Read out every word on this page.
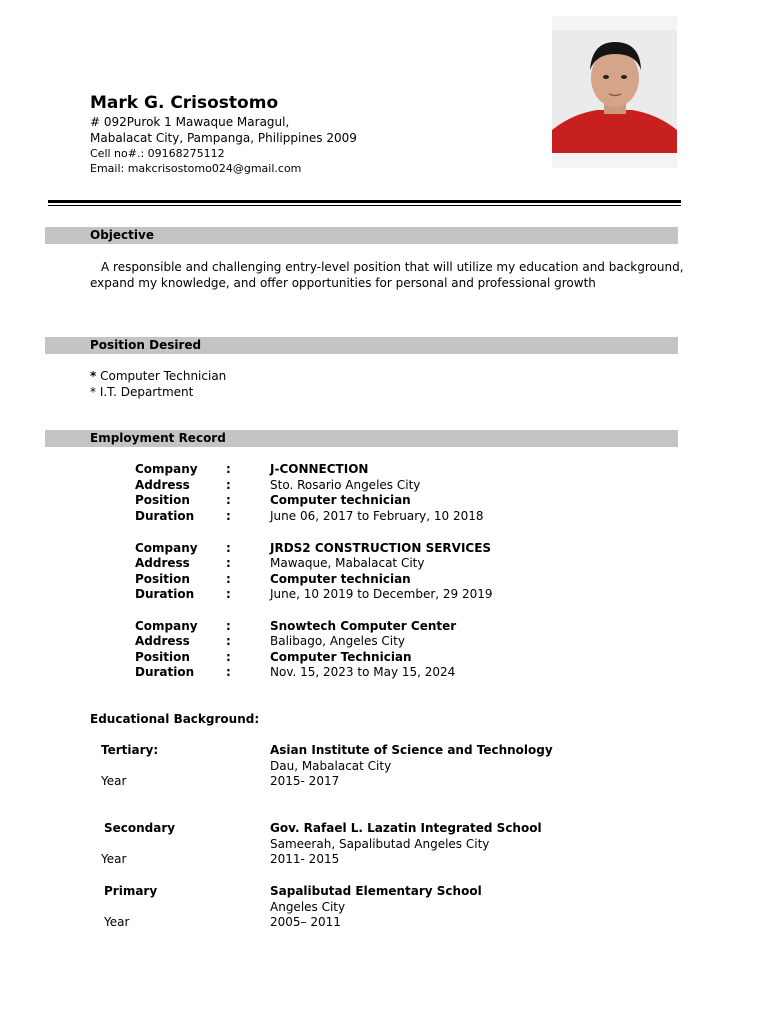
Mark G. Crisostomo
# 092Purok 1 Mawaque Maragul,
Mabalacat City, Pampanga, Philippines 2009
Cell no#.: 09168275112
Email: makcrisostomo024@gmail.com
Objective
A responsible and challenging entry-level position that will utilize my education and background,
expand my knowledge, and offer opportunities for personal and professional growth
Position Desired
* Computer Technician
* I.T. Department
Employment Record
Company :	J-CONNECTION
Address	:	Sto. Rosario Angeles City
Position	:	Computer technician
Duration	:	June 06, 2017 to February, 10 2018
Company :	JRDS2 CONSTRUCTION SERVICES
Address	:	Mawaque, Mabalacat City
Position	:	Computer technician
Duration	:	June, 10 2019 to December, 29 2019
Company :	Snowtech Computer Center
Address	:	Balibago, Angeles City
Position	:	Computer Technician
Duration	:	Nov. 15, 2023 to May 15, 2024
Educational Background:
Tertiary:	Asian Institute of Science and Technology
Dau, Mabalacat City
Year	2015- 2017
Secondary	Gov. Rafael L. Lazatin Integrated School
Sameerah, Sapalibutad Angeles City
Year	2011- 2015
Primary	Sapalibutad Elementary School
Angeles City
Year	2005– 2011
